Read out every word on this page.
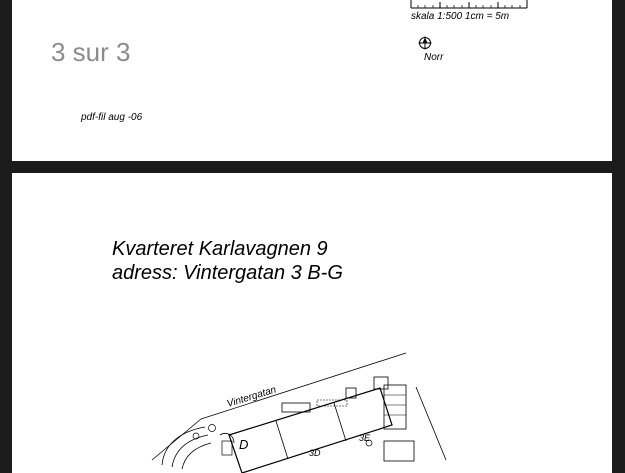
skala 1:500 1cm = 5m
Norr
3 sur 3
pdf-fil aug -06
Kvarteret Karlavagnen 9
adress: Vintergatan 3 B-G
Vintergatan
D	3E
3D
